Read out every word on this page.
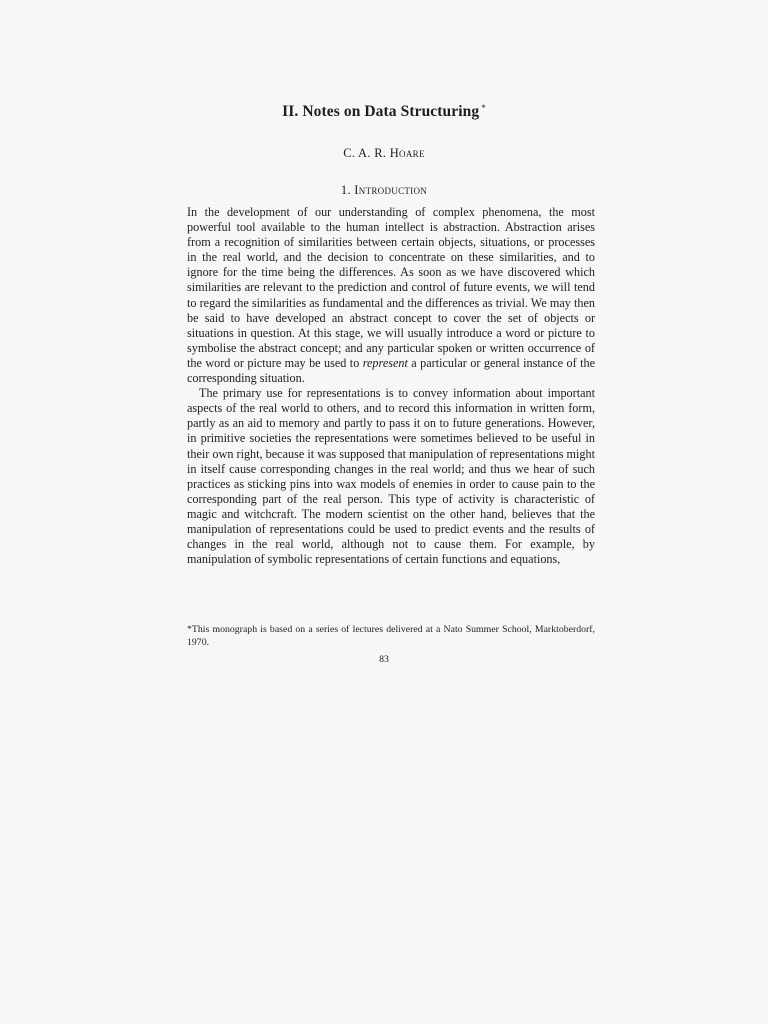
II. Notes on Data Structuring *
C. A. R. Hoare
1. Introduction

In the development of our understanding of complex phenomena, the most powerful tool available to the human intellect is abstraction. Abstraction arises from a recognition of similarities between certain objects, situations, or processes in the real world, and the decision to concentrate on these similarities, and to ignore for the time being the differences. As soon as we have discovered which similarities are relevant to the prediction and control of future events, we will tend to regard the similarities as fundamental and the differences as trivial. We may then be said to have developed an abstract concept to cover the set of objects or situations in question. At this stage, we will usually introduce a word or picture to symbolise the abstract concept; and any particular spoken or written occurrence of the word or picture may be used to represent a particular or general instance of the corresponding situation.

The primary use for representations is to convey information about important aspects of the real world to others, and to record this information in written form, partly as an aid to memory and partly to pass it on to future generations. However, in primitive societies the representations were sometimes believed to be useful in their own right, because it was supposed that manipulation of representations might in itself cause corresponding changes in the real world; and thus we hear of such practices as sticking pins into wax models of enemies in order to cause pain to the corresponding part of the real person. This type of activity is characteristic of magic and witchcraft. The modern scientist on the other hand, believes that the manipulation of representations could be used to predict events and the results of changes in the real world, although not to cause them. For example, by manipulation of symbolic representations of certain functions and equations,

*This monograph is based on a series of lectures delivered at a Nato Summer School, Marktoberdorf, 1970.
83
